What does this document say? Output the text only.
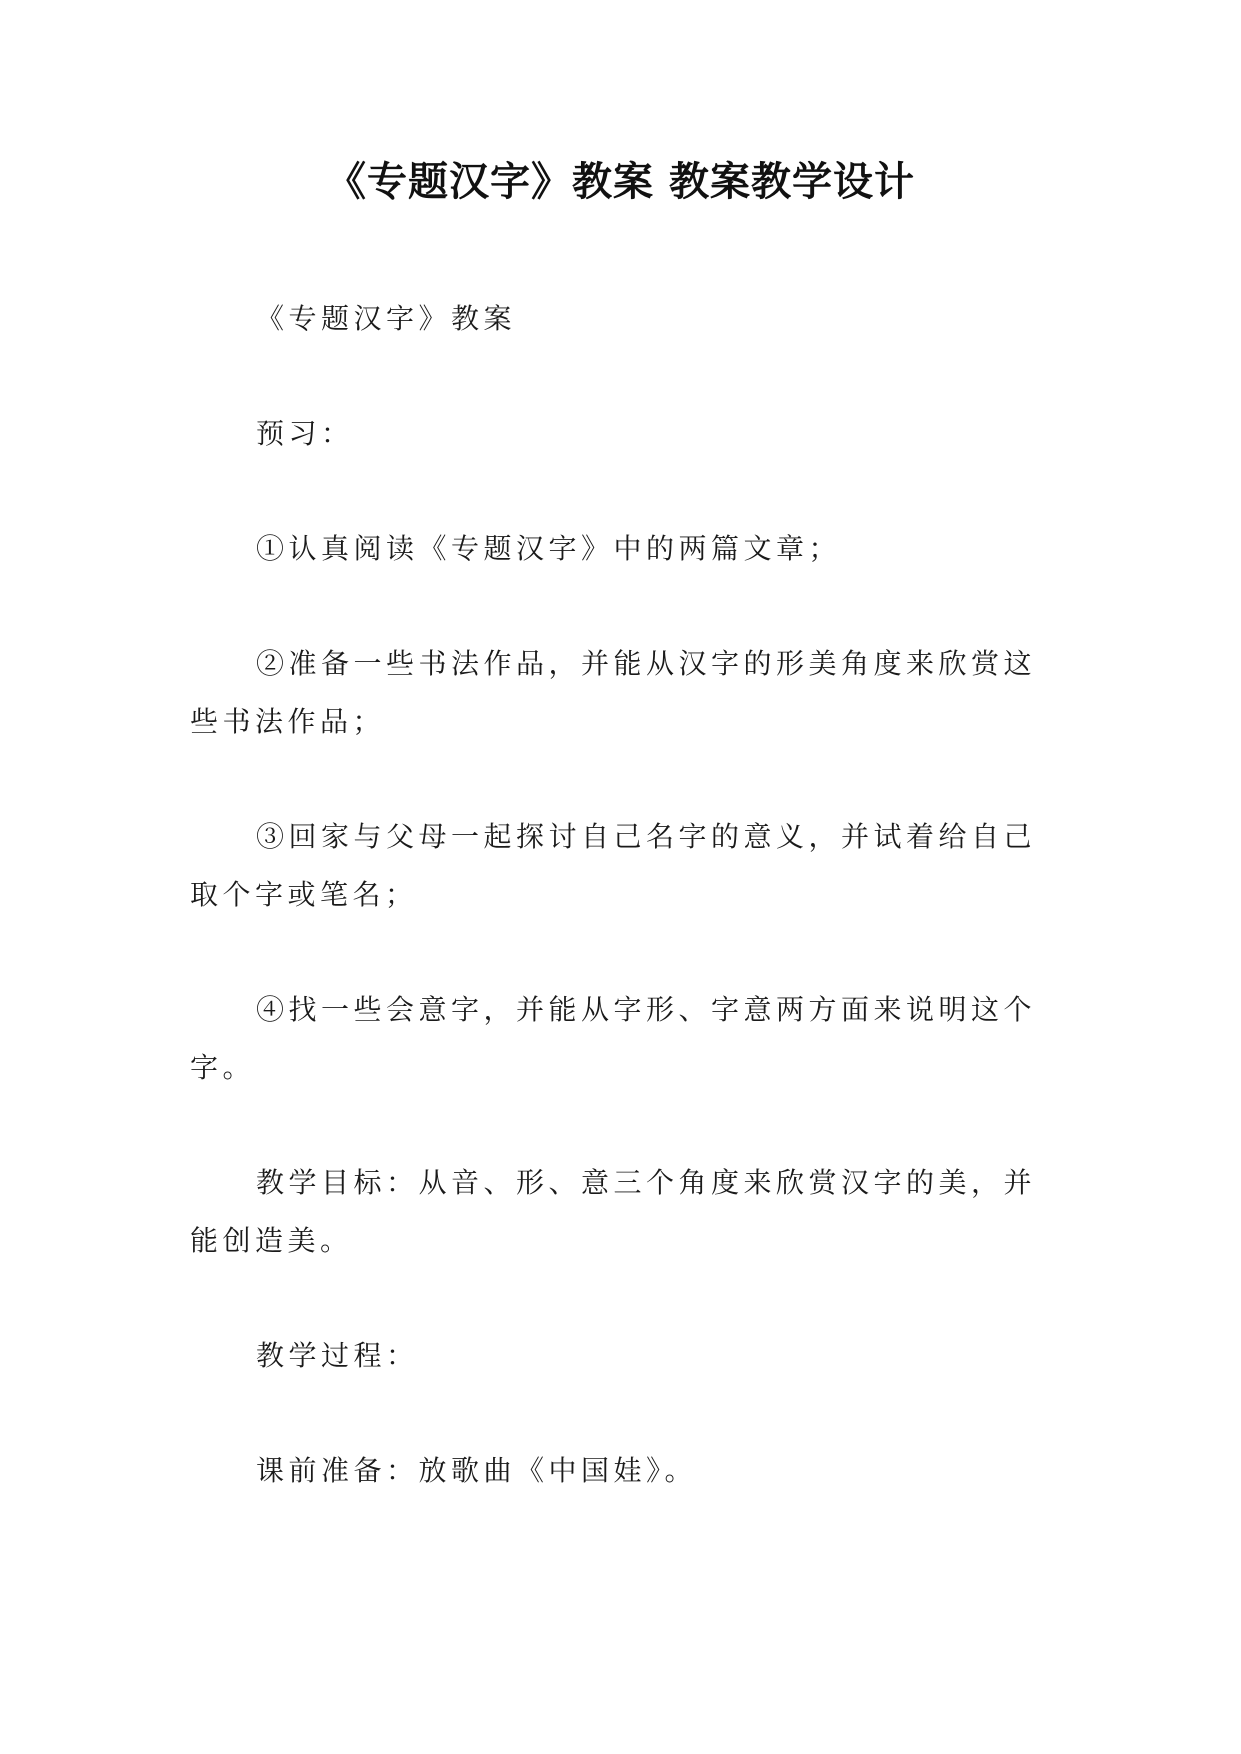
《专题汉字》教案 教案教学设计

《专题汉字》教案

预习：

①认真阅读《专题汉字》中的两篇文章；

②准备一些书法作品，并能从汉字的形美角度来欣赏这些书法作品；

③回家与父母一起探讨自己名字的意义，并试着给自己取个字或笔名；

④找一些会意字，并能从字形、字意两方面来说明这个字。

教学目标：从音、形、意三个角度来欣赏汉字的美，并能创造美。

教学过程：

课前准备：放歌曲《中国娃》。
